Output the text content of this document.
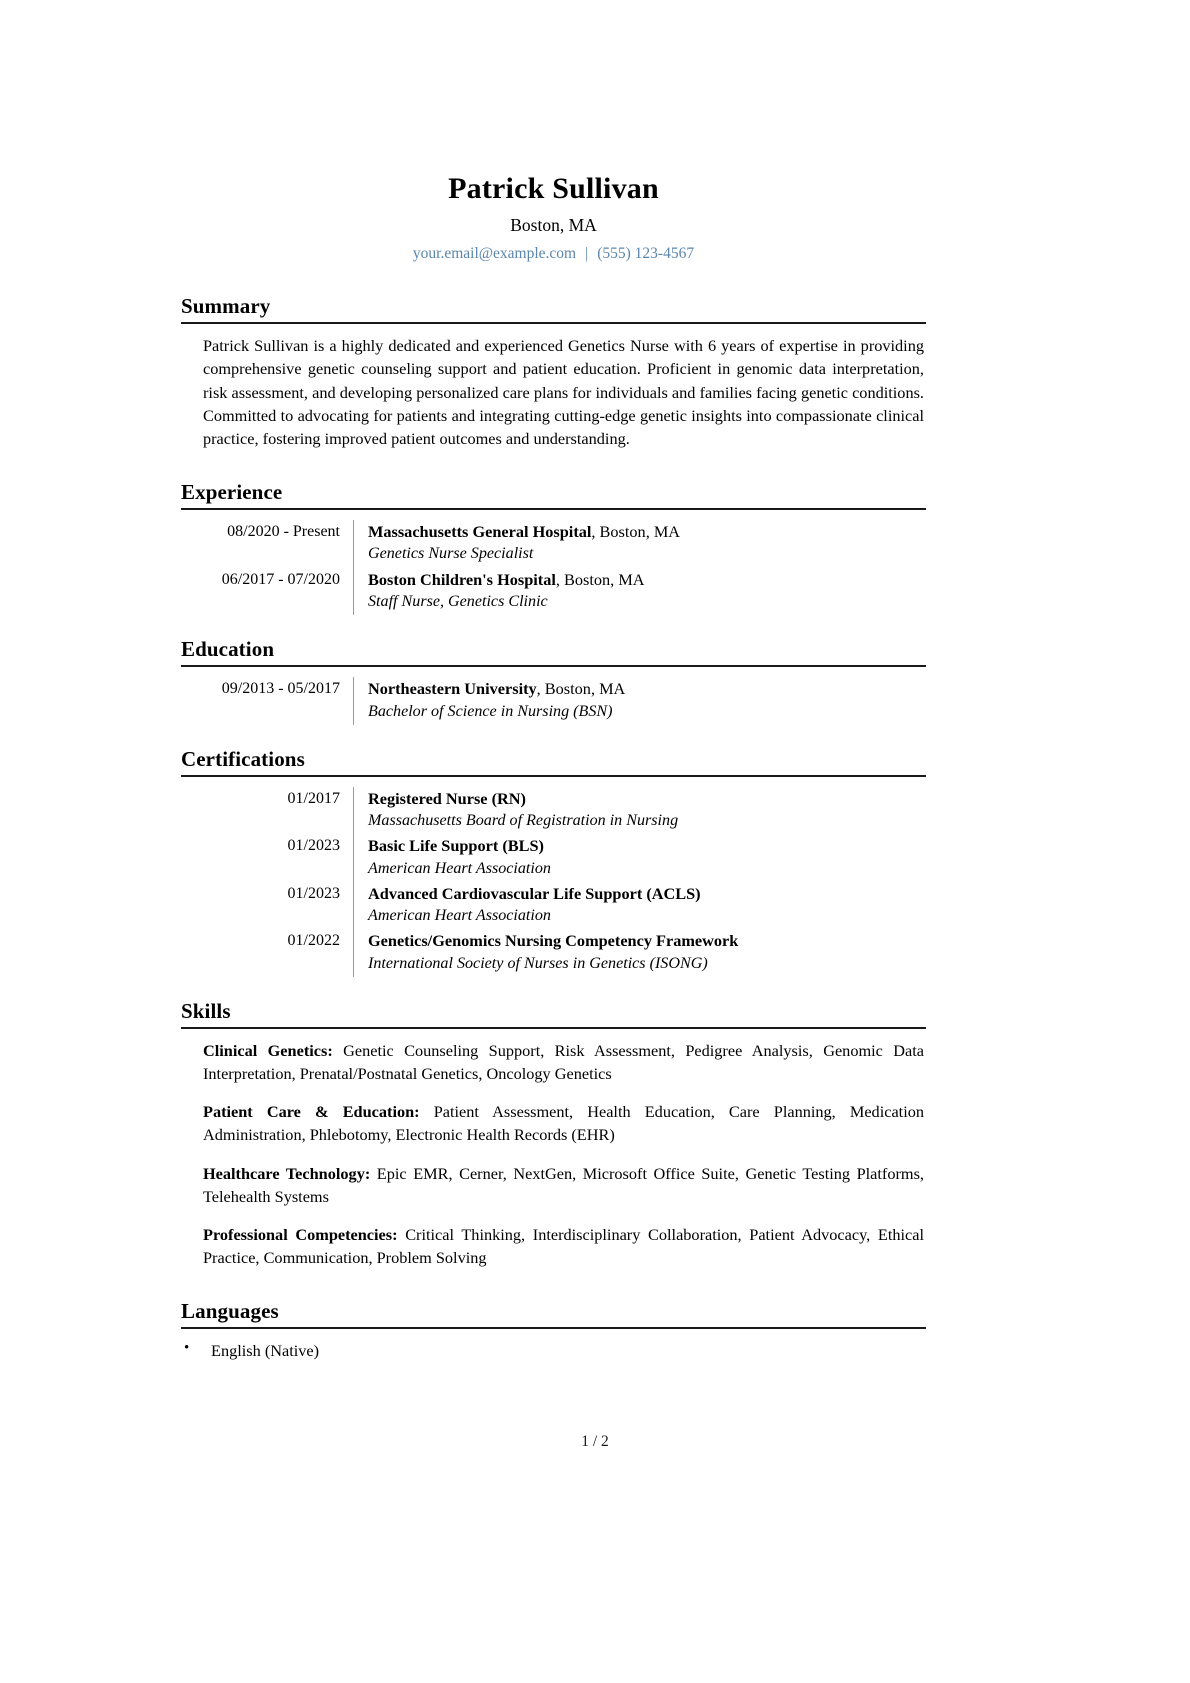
Patrick Sullivan
Boston, MA
your.email@example.com | (555) 123-4567
Summary

Patrick Sullivan is a highly dedicated and experienced Genetics Nurse with 6 years of expertise in providing comprehensive genetic counseling support and patient education. Proficient in genomic data interpretation, risk assessment, and developing personalized care plans for individuals and families facing genetic conditions. Committed to advocating for patients and integrating cutting-edge genetic insights into compassionate clinical practice, fostering improved patient outcomes and understanding.

Experience
08/2020 - Present	Massachusetts General Hospital, Boston, MA
Genetics Nurse Specialist
06/2017 - 07/2020	Boston Children's Hospital, Boston, MA
Staff Nurse, Genetics Clinic
Education
09/2013 - 05/2017	Northeastern University, Boston, MA
Bachelor of Science in Nursing (BSN)
Certifications
01/2017	Registered Nurse (RN)
Massachusetts Board of Registration in Nursing
01/2023	Basic Life Support (BLS)
American Heart Association
01/2023	Advanced Cardiovascular Life Support (ACLS)
American Heart Association
01/2022	Genetics/Genomics Nursing Competency Framework
International Society of Nurses in Genetics (ISONG)
Skills

Clinical Genetics: Genetic Counseling Support, Risk Assessment, Pedigree Analysis, Genomic Data Interpretation, Prenatal/Postnatal Genetics, Oncology Genetics

Patient Care & Education: Patient Assessment, Health Education, Care Planning, Medication Administration, Phlebotomy, Electronic Health Records (EHR)

Healthcare Technology: Epic EMR, Cerner, NextGen, Microsoft Office Suite, Genetic Testing Platforms, Telehealth Systems

Professional Competencies: Critical Thinking, Interdisciplinary Collaboration, Patient Advocacy, Ethical Practice, Communication, Problem Solving

Languages
• English (Native)
1 / 2
